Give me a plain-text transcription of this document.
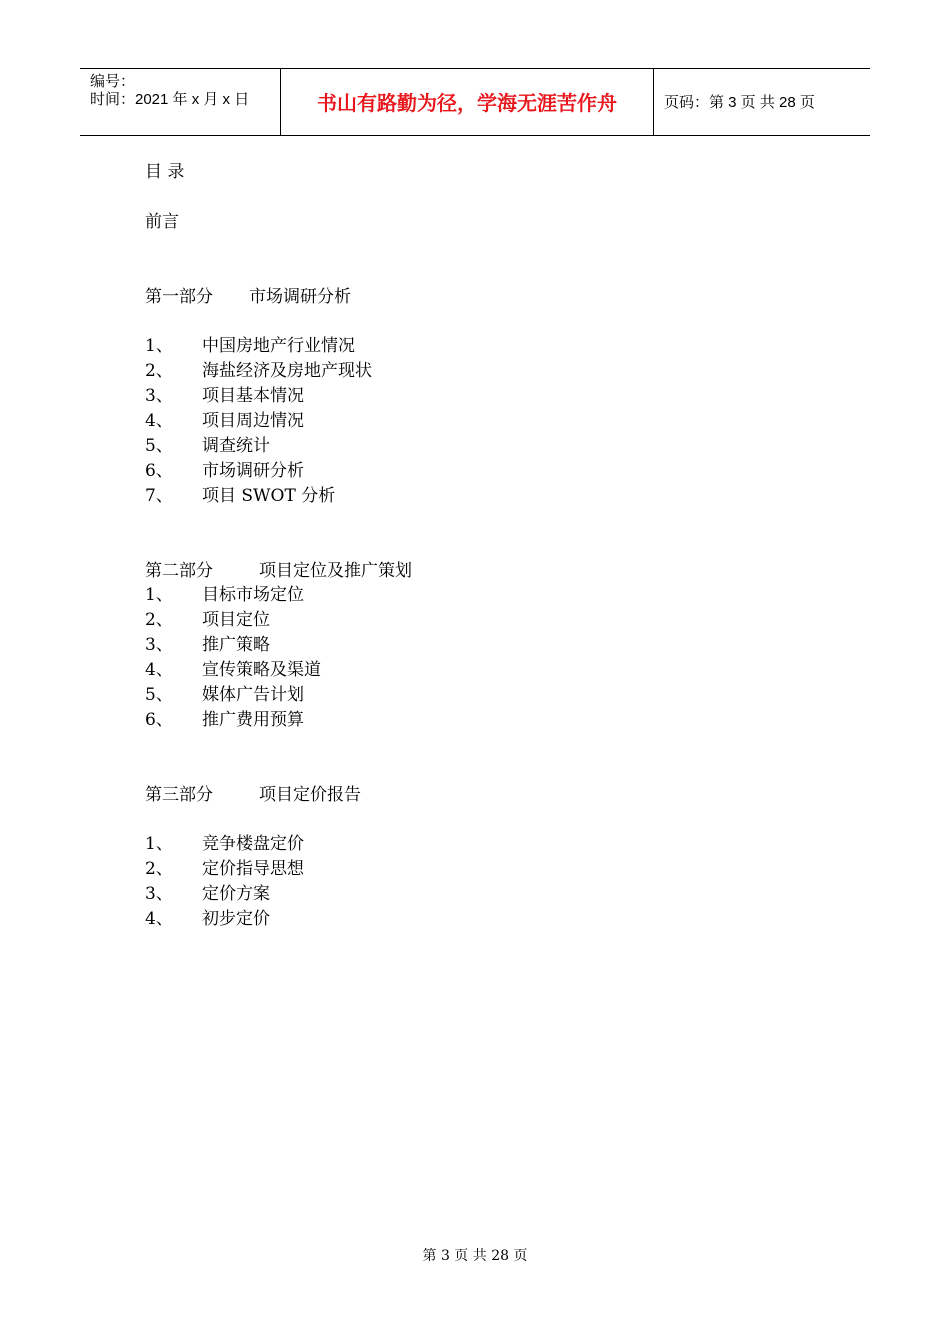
编号：
时间：2021 年 x 月 x 日	书山有路勤为径，学海无涯苦作舟	页码：第 3 页 共 28 页
目 录
前言
第一部分 市场调研分析
1、 中国房地产行业情况
2、 海盐经济及房地产现状
3、 项目基本情况
4、 项目周边情况
5、 调查统计
6、 市场调研分析
7、 项目 SWOT 分析
第二部分	项目定位及推广策划
1、 目标市场定位
2、 项目定位
3、 推广策略
4、 宣传策略及渠道
5、 媒体广告计划
6、 推广费用预算
第三部分	项目定价报告
1、 竞争楼盘定价
2、 定价指导思想
3、 定价方案
4、 初步定价
第 3 页 共 28 页
